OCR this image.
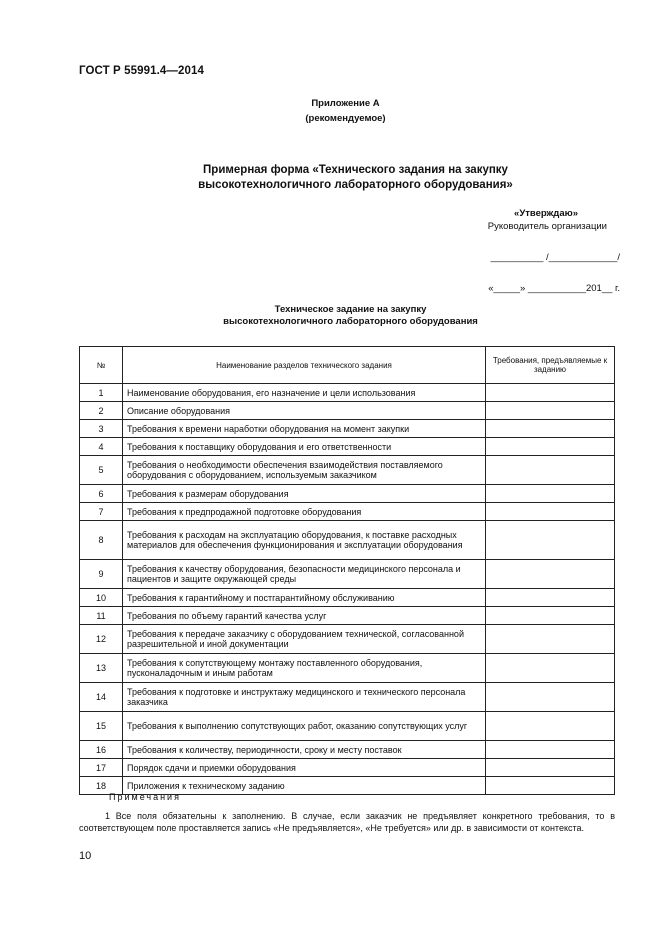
ГОСТ Р 55991.4—2014
Приложение А
(рекомендуемое)
Примерная форма «Технического задания на закупку
высокотехнологичного лабораторного оборудования»
«Утверждаю»
Руководитель организации
__________ /_____________/
«_____» ___________201__ г.
Техническое задание на закупку
высокотехнологичного лабораторного оборудования
№	Наименование разделов технического задания	Требования, предъявляемые к заданию
1	Наименование оборудования, его назначение и цели использования	
2	Описание оборудования	
3	Требования к времени наработки оборудования на момент закупки	
4	Требования к поставщику оборудования и его ответственности	
5	Требования о необходимости обеспечения взаимодействия поставляемого оборудования с оборудованием, используемым заказчиком	
6	Требования к размерам оборудования	
7	Требования к предпродажной подготовке оборудования	
8	Требования к расходам на эксплуатацию оборудования, к поставке расходных материалов для обеспечения функционирования и эксплуатации оборудования	
9	Требования к качеству оборудования, безопасности медицинского персонала и пациентов и защите окружающей среды	
10	Требования к гарантийному и постгарантийному обслуживанию	
11	Требования по объему гарантий качества услуг	
12	Требования к передаче заказчику с оборудованием технической, согласованной разрешительной и иной документации	
13	Требования к сопутствующему монтажу поставленного оборудования, пусконаладочным и иным работам	
14	Требования к подготовке и инструктажу медицинского и технического персонала заказчика	
15	Требования к выполнению сопутствующих работ, оказанию сопутствующих услуг	
16	Требования к количеству, периодичности, сроку и месту поставок	
17	Порядок сдачи и приемки оборудования	
18	Приложения к техническому заданию	
Примечания
1 Все поля обязательны к заполнению. В случае, если заказчик не предъявляет конкретного требования, то в соответствующем поле проставляется запись «Не предъявляется», «Не требуется» или др. в зависимости от контекста.
10
